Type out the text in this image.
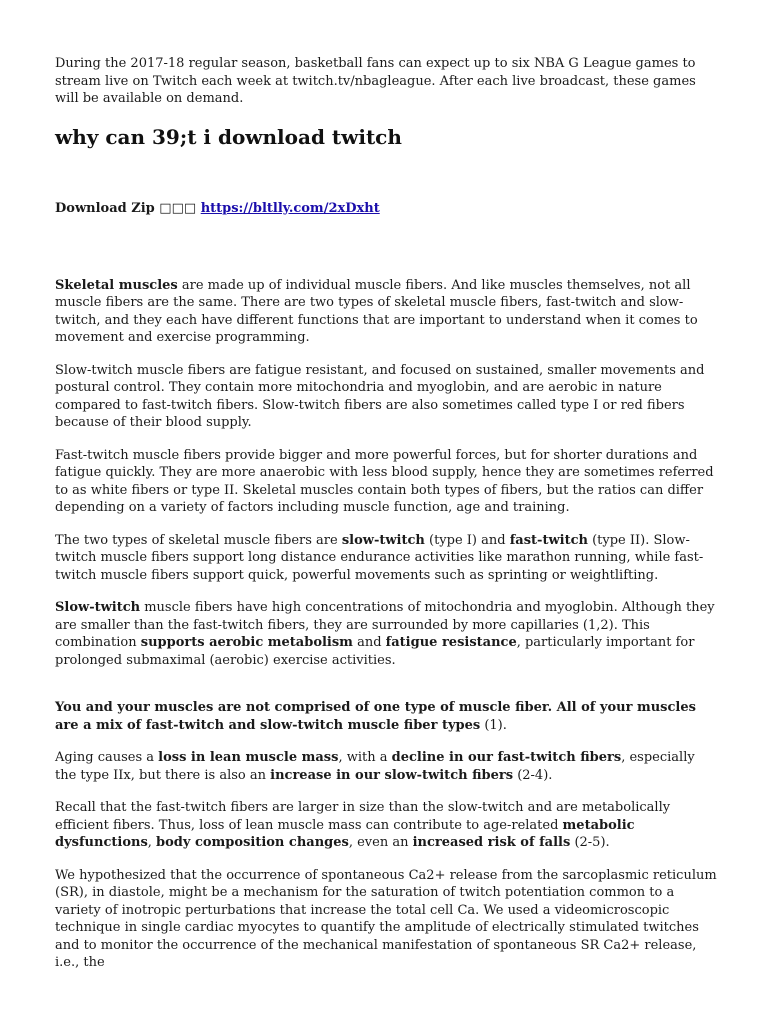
During the 2017-18 regular season, basketball fans can expect up to six NBA G League games to stream live on Twitch each week at twitch.tv/nbagleague. After each live broadcast, these games will be available on demand.

why can 39;t i download twitch

Download Zip □□□ https://bltlly.com/2xDxht

Skeletal muscles are made up of individual muscle fibers. And like muscles themselves, not all muscle fibers are the same. There are two types of skeletal muscle fibers, fast-twitch and slow-twitch, and they each have different functions that are important to understand when it comes to movement and exercise programming.

Slow-twitch muscle fibers are fatigue resistant, and focused on sustained, smaller movements and postural control. They contain more mitochondria and myoglobin, and are aerobic in nature compared to fast-twitch fibers. Slow-twitch fibers are also sometimes called type I or red fibers because of their blood supply.

Fast-twitch muscle fibers provide bigger and more powerful forces, but for shorter durations and fatigue quickly. They are more anaerobic with less blood supply, hence they are sometimes referred to as white fibers or type II. Skeletal muscles contain both types of fibers, but the ratios can differ depending on a variety of factors including muscle function, age and training.

The two types of skeletal muscle fibers are slow-twitch (type I) and fast-twitch (type II). Slow-twitch muscle fibers support long distance endurance activities like marathon running, while fast-twitch muscle fibers support quick, powerful movements such as sprinting or weightlifting.

Slow-twitch muscle fibers have high concentrations of mitochondria and myoglobin. Although they are smaller than the fast-twitch fibers, they are surrounded by more capillaries (1,2). This combination supports aerobic metabolism and fatigue resistance, particularly important for prolonged submaximal (aerobic) exercise activities.

You and your muscles are not comprised of one type of muscle fiber. All of your muscles are a mix of fast-twitch and slow-twitch muscle fiber types (1).

Aging causes a loss in lean muscle mass, with a decline in our fast-twitch fibers, especially the type IIx, but there is also an increase in our slow-twitch fibers (2-4).

Recall that the fast-twitch fibers are larger in size than the slow-twitch and are metabolically efficient fibers. Thus, loss of lean muscle mass can contribute to age-related metabolic dysfunctions, body composition changes, even an increased risk of falls (2-5).

We hypothesized that the occurrence of spontaneous Ca2+ release from the sarcoplasmic reticulum (SR), in diastole, might be a mechanism for the saturation of twitch potentiation common to a variety of inotropic perturbations that increase the total cell Ca. We used a videomicroscopic technique in single cardiac myocytes to quantify the amplitude of electrically stimulated twitches and to monitor the occurrence of the mechanical manifestation of spontaneous SR Ca2+ release, i.e., the
